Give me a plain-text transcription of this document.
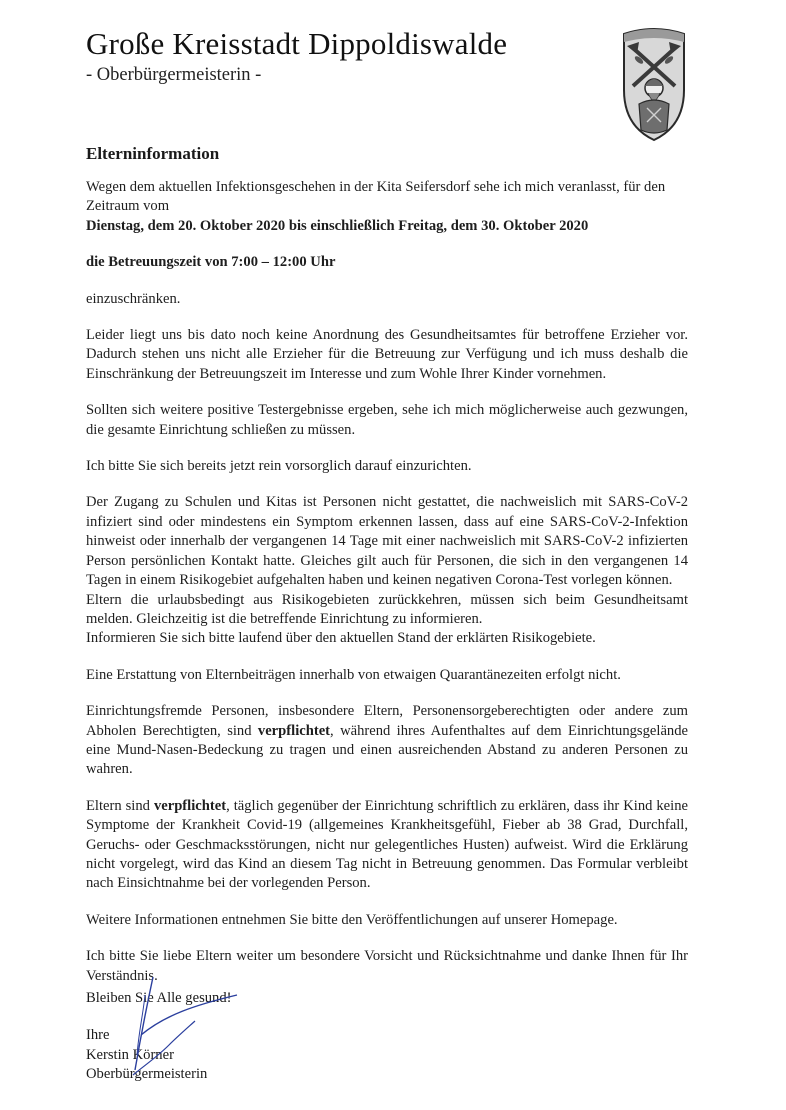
Große Kreisstadt Dippoldiswalde
- Oberbürgermeisterin -
Elterninformation

Wegen dem aktuellen Infektionsgeschehen in der Kita Seifersdorf sehe ich mich veranlasst, für den Zeitraum vom

Dienstag, dem 20. Oktober 2020 bis einschließlich Freitag, dem 30. Oktober 2020

die Betreuungszeit von 7:00 – 12:00 Uhr

einzuschränken.

Leider liegt uns bis dato noch keine Anordnung des Gesundheitsamtes für betroffene Erzieher vor. Dadurch stehen uns nicht alle Erzieher für die Betreuung zur Verfügung und ich muss deshalb die Einschränkung der Betreuungszeit im Interesse und zum Wohle Ihrer Kinder vornehmen.

Sollten sich weitere positive Testergebnisse ergeben, sehe ich mich möglicherweise auch gezwungen, die gesamte Einrichtung schließen zu müssen.

Ich bitte Sie sich bereits jetzt rein vorsorglich darauf einzurichten.

Der Zugang zu Schulen und Kitas ist Personen nicht gestattet, die nachweislich mit SARS-CoV-2 infiziert sind oder mindestens ein Symptom erkennen lassen, dass auf eine SARS-CoV-2-Infektion hinweist oder innerhalb der vergangenen 14 Tage mit einer nachweislich mit SARS-CoV-2 infizierten Person persönlichen Kontakt hatte. Gleiches gilt auch für Personen, die sich in den vergangenen 14 Tagen in einem Risikogebiet aufgehalten haben und keinen negativen Corona-Test vorlegen können.

Eltern die urlaubsbedingt aus Risikogebieten zurückkehren, müssen sich beim Gesundheitsamt melden. Gleichzeitig ist die betreffende Einrichtung zu informieren.

Informieren Sie sich bitte laufend über den aktuellen Stand der erklärten Risikogebiete.

Eine Erstattung von Elternbeiträgen innerhalb von etwaigen Quarantänezeiten erfolgt nicht.

Einrichtungsfremde Personen, insbesondere Eltern, Personensorgeberechtigten oder andere zum Abholen Berechtigten, sind verpflichtet, während ihres Aufenthaltes auf dem Einrichtungsgelände eine Mund-Nasen-Bedeckung zu tragen und einen ausreichenden Abstand zu anderen Personen zu wahren.

Eltern sind verpflichtet, täglich gegenüber der Einrichtung schriftlich zu erklären, dass ihr Kind keine Symptome der Krankheit Covid-19 (allgemeines Krankheitsgefühl, Fieber ab 38 Grad, Durchfall, Geruchs- oder Geschmacksstörungen, nicht nur gelegentliches Husten) aufweist. Wird die Erklärung nicht vorgelegt, wird das Kind an diesem Tag nicht in Betreuung genommen. Das Formular verbleibt nach Einsichtnahme bei der vorlegenden Person.

Weitere Informationen entnehmen Sie bitte den Veröffentlichungen auf unserer Homepage.

Ich bitte Sie liebe Eltern weiter um besondere Vorsicht und Rücksichtnahme und danke Ihnen für Ihr Verständnis.

Bleiben Sie Alle gesund!
Ihre
Kerstin Körner
Oberbürgermeisterin
